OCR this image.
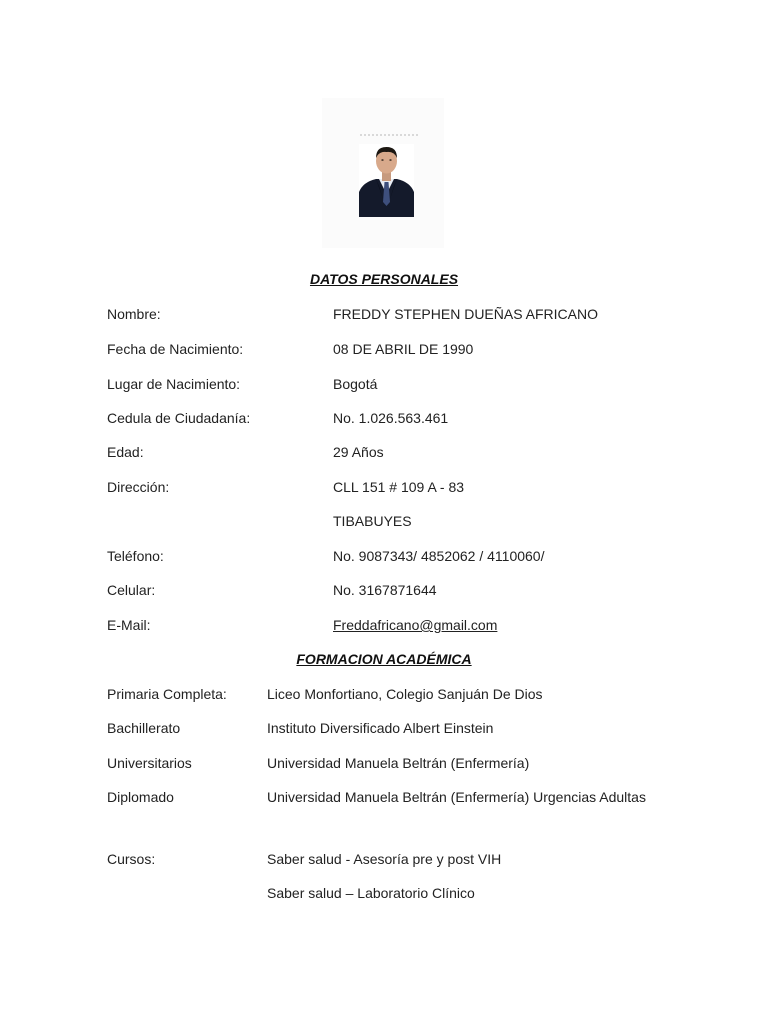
DATOS PERSONALES
Nombre:	FREDDY STEPHEN DUEÑAS AFRICANO
Fecha de Nacimiento:	08 DE ABRIL DE 1990
Lugar de Nacimiento:	Bogotá
Cedula de Ciudadanía:	No. 1.026.563.461
Edad:	29 Años
Dirección:	CLL 151 # 109 A - 83
TIBABUYES
Teléfono:	No. 9087343/ 4852062 / 4110060/
Celular:	No. 3167871644
E-Mail:	Freddafricano@gmail.com
FORMACION ACADÉMICA
Primaria Completa:	Liceo Monfortiano, Colegio Sanjuán De Dios
Bachillerato	Instituto Diversificado Albert Einstein
Universitarios	Universidad Manuela Beltrán (Enfermería)
Diplomado	Universidad Manuela Beltrán (Enfermería) Urgencias Adultas
Cursos:	Saber salud - Asesoría pre y post VIH
Saber salud – Laboratorio Clínico
